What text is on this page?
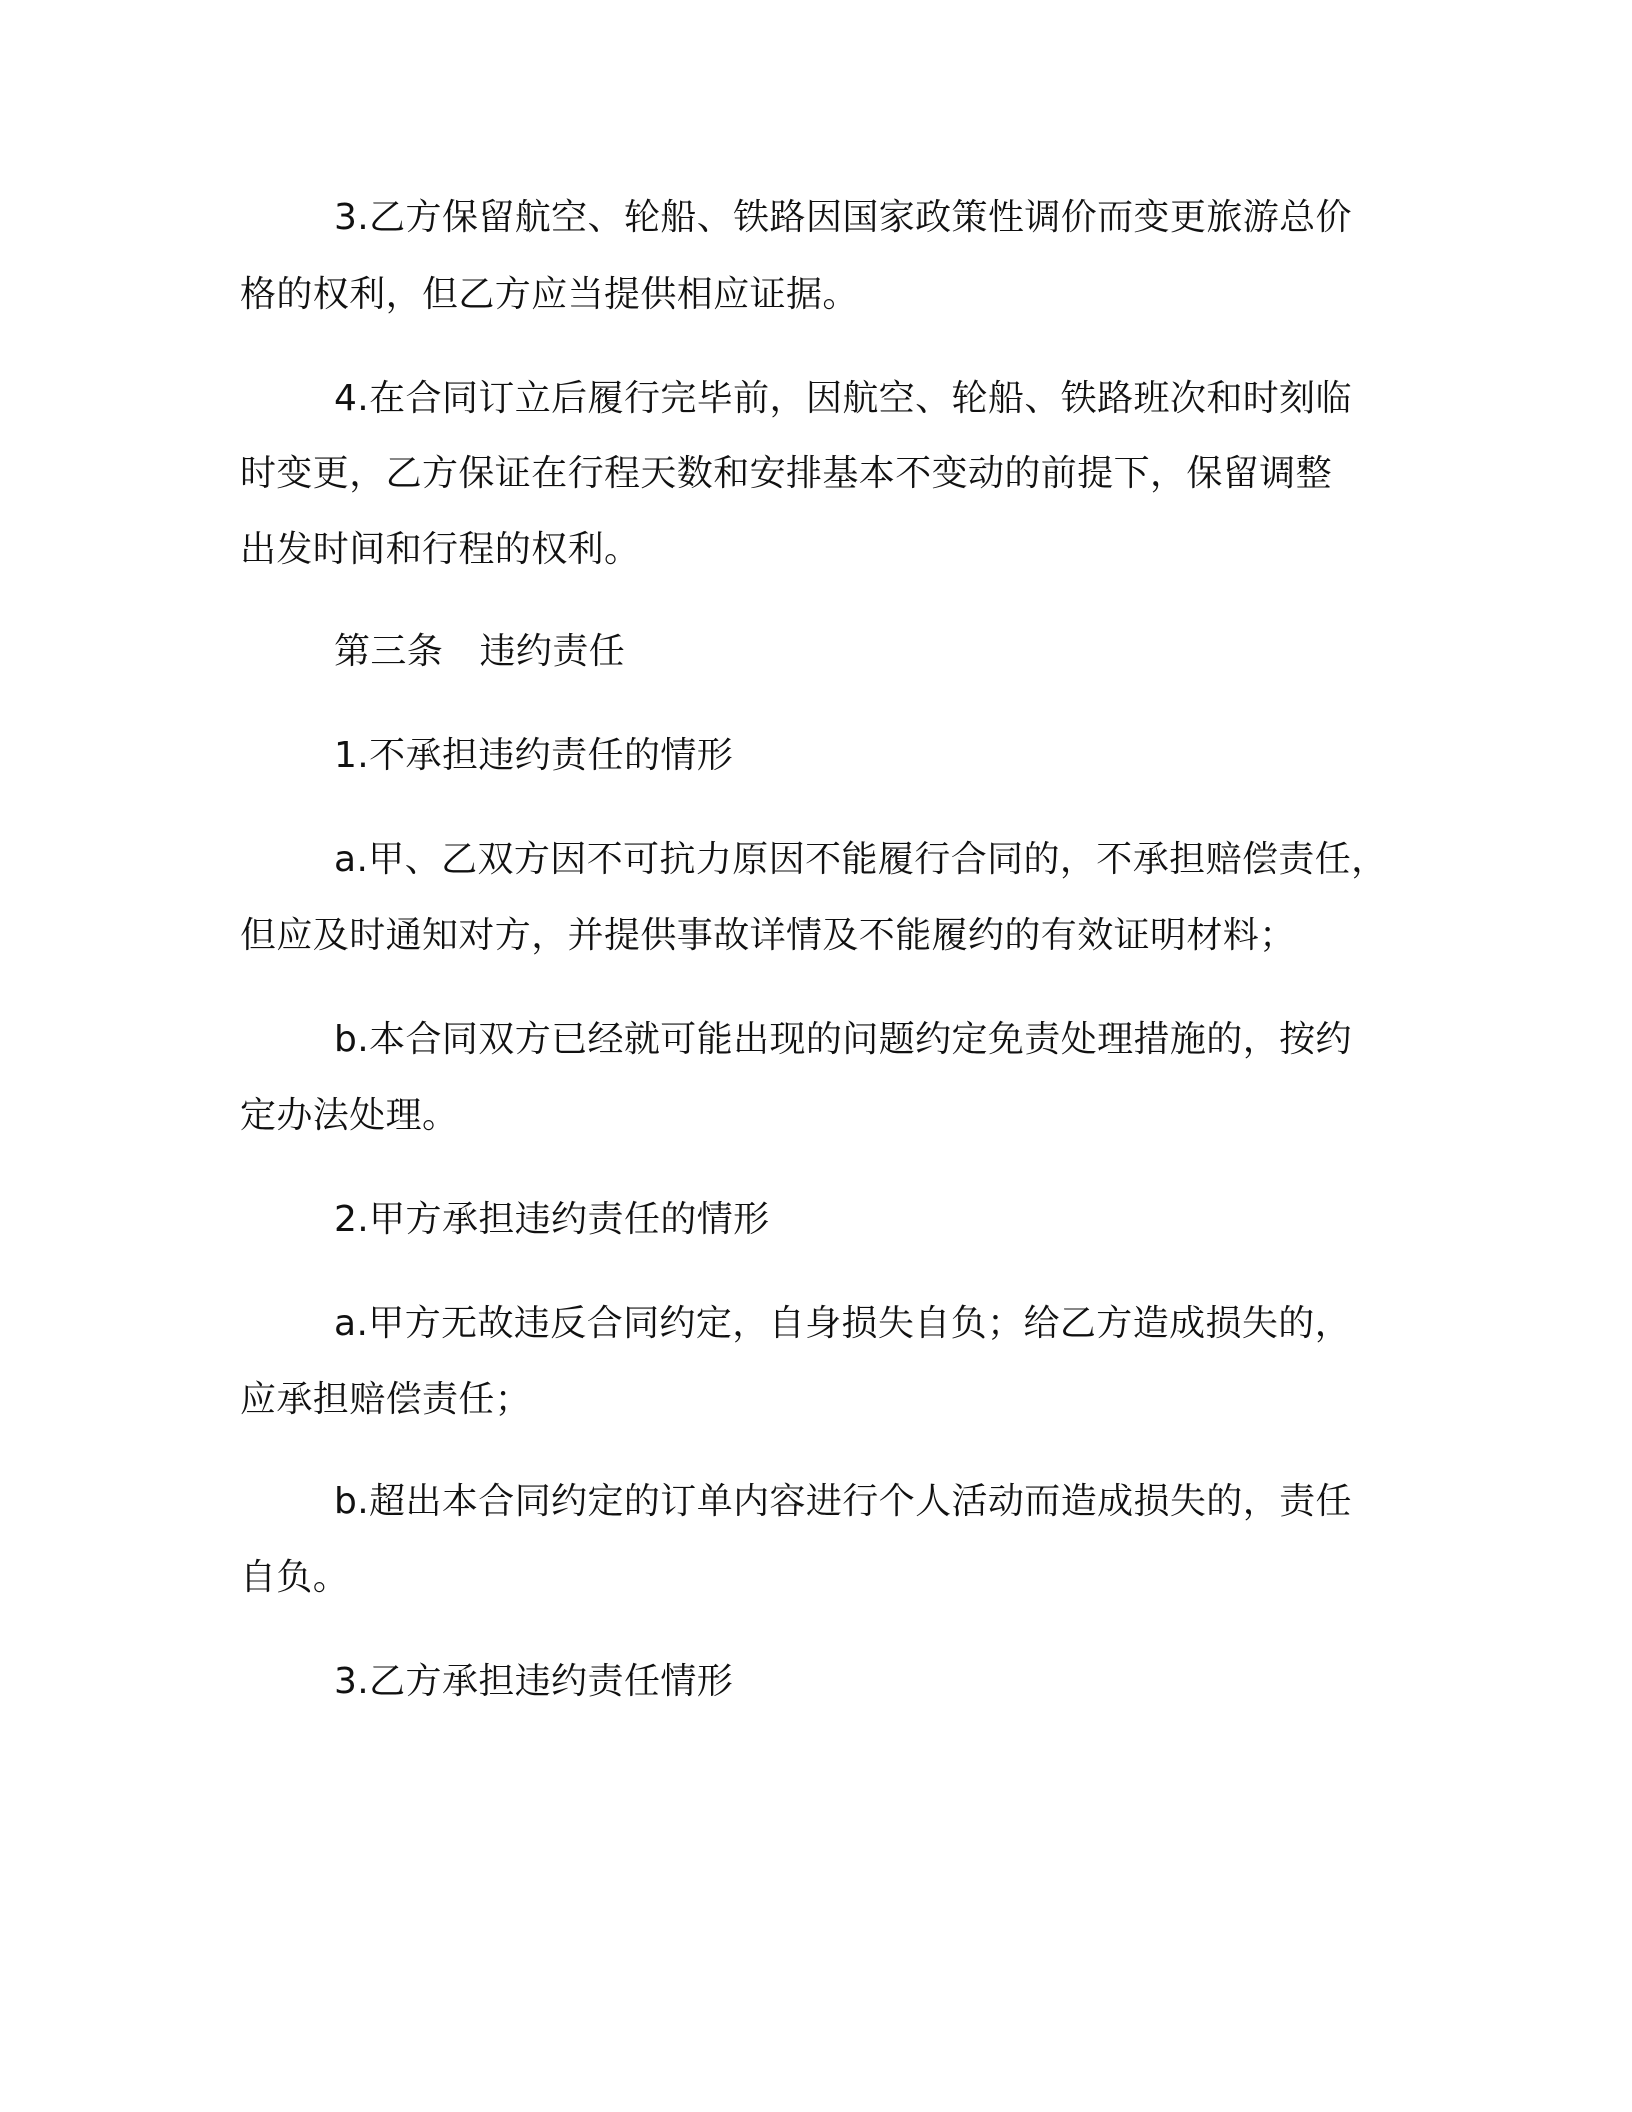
3.乙方保留航空、轮船、铁路因国家政策性调价而变更旅游总价
格的权利，但乙方应当提供相应证据。
4.在合同订立后履行完毕前，因航空、轮船、铁路班次和时刻临
时变更，乙方保证在行程天数和安排基本不变动的前提下，保留调整
出发时间和行程的权利。
第三条　违约责任
1.不承担违约责任的情形
a.甲、乙双方因不可抗力原因不能履行合同的，不承担赔偿责任，
但应及时通知对方，并提供事故详情及不能履约的有效证明材料；
b.本合同双方已经就可能出现的问题约定免责处理措施的，按约
定办法处理。
2.甲方承担违约责任的情形
a.甲方无故违反合同约定，自身损失自负；给乙方造成损失的，
应承担赔偿责任；
b.超出本合同约定的订单内容进行个人活动而造成损失的，责任
自负。
3.乙方承担违约责任情形
